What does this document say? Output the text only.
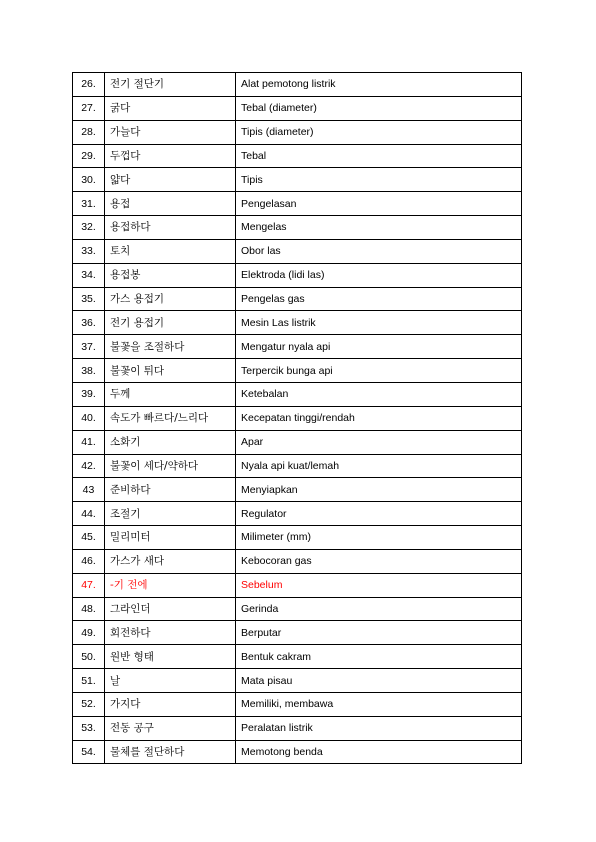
26.	전기 절단기	Alat pemotong listrik
27.	굵다	Tebal (diameter)
28.	가늘다	Tipis (diameter)
29.	두껍다	Tebal
30.	얇다	Tipis
31.	용접	Pengelasan
32.	용접하다	Mengelas
33.	토치	Obor las
34.	용접봉	Elektroda (lidi las)
35.	가스 용접기	Pengelas gas
36.	전기 용접기	Mesin Las listrik
37.	불꽃을 조절하다	Mengatur nyala api
38.	불꽃이 튀다	Terpercik bunga api
39.	두께	Ketebalan
40.	속도가 빠르다/느리다	Kecepatan tinggi/rendah
41.	소화기	Apar
42.	불꽃이 세다/약하다	Nyala api kuat/lemah
43	준비하다	Menyiapkan
44.	조절기	Regulator
45.	밀리미터	Milimeter (mm)
46.	가스가 새다	Kebocoran gas
47.	-기 전에	Sebelum
48.	그라인더	Gerinda
49.	회전하다	Berputar
50.	원반 형태	Bentuk cakram
51.	날	Mata pisau
52.	가지다	Memiliki, membawa
53.	전동 공구	Peralatan listrik
54.	물체를 절단하다	Memotong benda
